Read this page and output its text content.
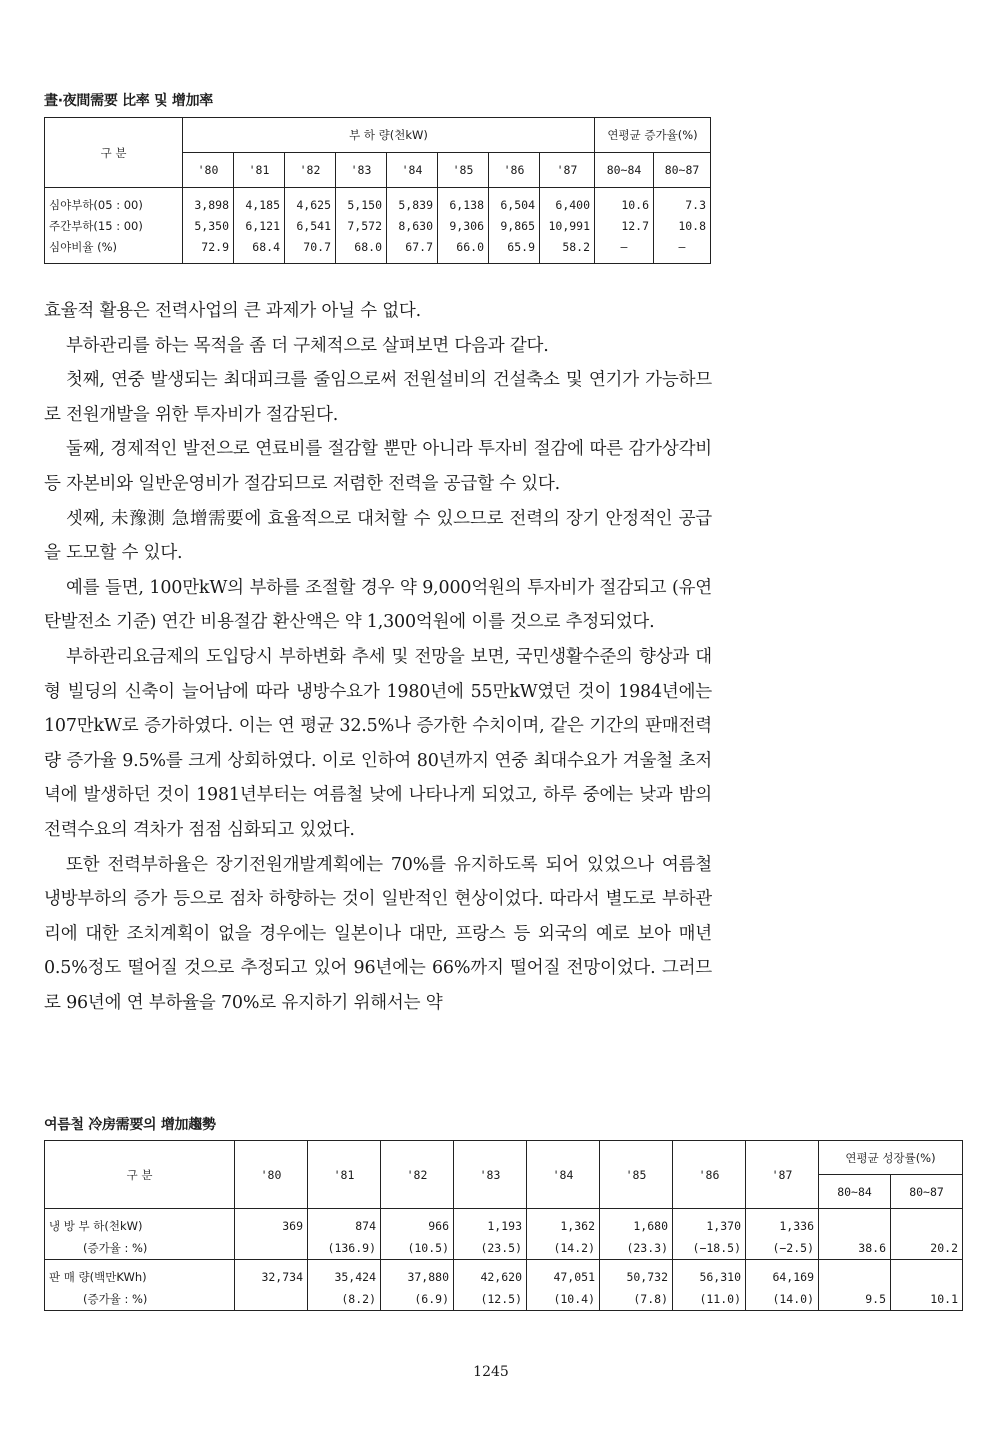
晝·夜間需要 比率 및 增加率
구 분	부 하 량(천kW)								연평균 증가율(%)	
	'80	'81	'82	'83	'84	'85	'86	'87	80~84	80~87
심야부하(05 : 00)	3,898	4,185	4,625	5,150	5,839	6,138	6,504	6,400	10.6	7.3
주간부하(15 : 00)	5,350	6,121	6,541	7,572	8,630	9,306	9,865	10,991	12.7	10.8
심야비율 (%)	72.9	68.4	70.7	68.0	67.7	66.0	65.9	58.2	—	—

효율적 활용은 전력사업의 큰 과제가 아닐 수 없다.

부하관리를 하는 목적을 좀 더 구체적으로 살펴보면 다음과 같다.

첫째, 연중 발생되는 최대피크를 줄임으로써 전원설비의 건설축소 및 연기가 가능하므로 전원개발을 위한 투자비가 절감된다.

둘째, 경제적인 발전으로 연료비를 절감할 뿐만 아니라 투자비 절감에 따른 감가상각비 등 자본비와 일반운영비가 절감되므로 저렴한 전력을 공급할 수 있다.

셋째, 未豫測 急增需要에 효율적으로 대처할 수 있으므로 전력의 장기 안정적인 공급을 도모할 수 있다.

예를 들면, 100만kW의 부하를 조절할 경우 약 9,000억원의 투자비가 절감되고 (유연탄발전소 기준) 연간 비용절감 환산액은 약 1,300억원에 이를 것으로 추정되었다.

부하관리요금제의 도입당시 부하변화 추세 및 전망을 보면, 국민생활수준의 향상과 대형 빌딩의 신축이 늘어남에 따라 냉방수요가 1980년에 55만kW였던 것이 1984년에는 107만kW로 증가하였다. 이는 연 평균 32.5%나 증가한 수치이며, 같은 기간의 판매전력량 증가율 9.5%를 크게 상회하였다. 이로 인하여 80년까지 연중 최대수요가 겨울철 초저녁에 발생하던 것이 1981년부터는 여름철 낮에 나타나게 되었고, 하루 중에는 낮과 밤의 전력수요의 격차가 점점 심화되고 있었다.

또한 전력부하율은 장기전원개발계획에는 70%를 유지하도록 되어 있었으나 여름철 냉방부하의 증가 등으로 점차 하향하는 것이 일반적인 현상이었다. 따라서 별도로 부하관리에 대한 조치계획이 없을 경우에는 일본이나 대만, 프랑스 등 외국의 예로 보아 매년 0.5%정도 떨어질 것으로 추정되고 있어 96년에는 66%까지 떨어질 전망이었다. 그러므로 96년에 연 부하율을 70%로 유지하기 위해서는 약

여름철 冷房需要의 增加趨勢
구 분	'80	'81	'82	'83	'84	'85	'86	'87	연평균 성장률(%)	
									80~84	80~87
냉 방 부 하(천kW)	369	874	966	1,193	1,362	1,680	1,370	1,336		
(증가율 : %)		(136.9)	(10.5)	(23.5)	(14.2)	(23.3)	(−18.5)	(−2.5)	38.6	20.2
판 매 량(백만KWh)	32,734	35,424	37,880	42,620	47,051	50,732	56,310	64,169		
(증가율 : %)		(8.2)	(6.9)	(12.5)	(10.4)	(7.8)	(11.0)	(14.0)	9.5	10.1
1245
